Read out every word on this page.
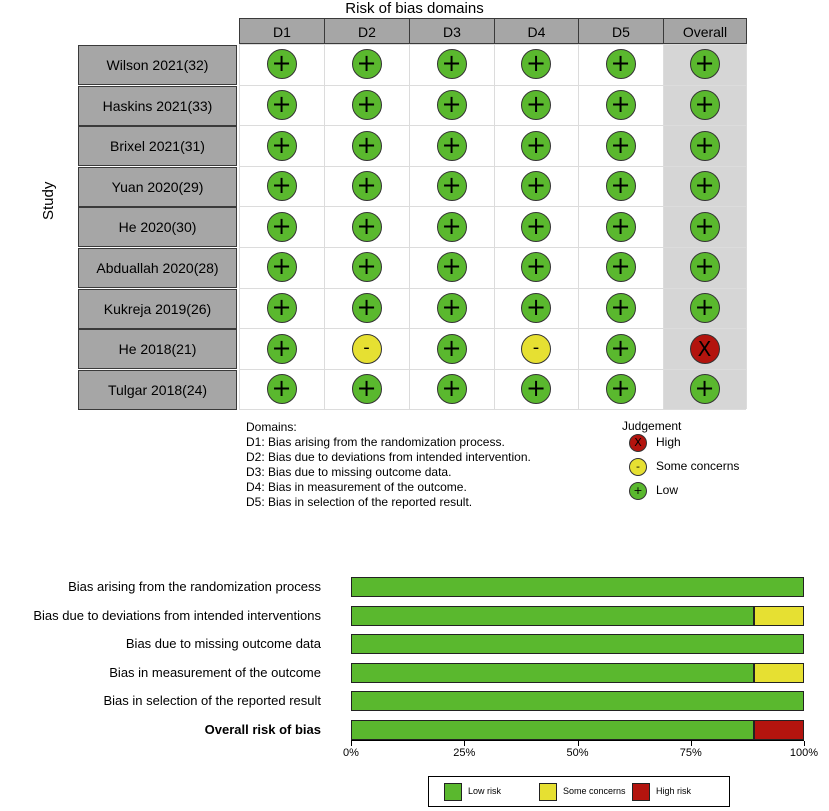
Risk of bias domains
Study
D1	D2	D3	D4	D5	Overall
Wilson 2021(32)	+	+	+	+	+	+
Haskins 2021(33)	+	+	+	+	+	+
Brixel 2021(31)	+	+	+	+	+	+
Yuan 2020(29)	+	+	+	+	+	+
He 2020(30)	+	+	+	+	+	+
Abduallah 2020(28)	+	+	+	+	+	+
Kukreja 2019(26)	+	+	+	+	+	+
He 2018(21)	+	-	+	-	+	X
Tulgar 2018(24)	+	+	+	+	+	+
Domains:
D1: Bias arising from the randomization process.
D2: Bias due to deviations from intended intervention.
D3: Bias due to missing outcome data.
D4: Bias in measurement of the outcome.
D5: Bias in selection of the reported result.
Judgement
X	High
-	Some concerns
+	Low
Bias arising from the randomization process
Bias due to deviations from intended interventions
Bias due to missing outcome data
Bias in measurement of the outcome
Bias in selection of the reported result
Overall risk of bias
0%	25%	50%	75%	100%
Low risk	Some concerns	High risk
